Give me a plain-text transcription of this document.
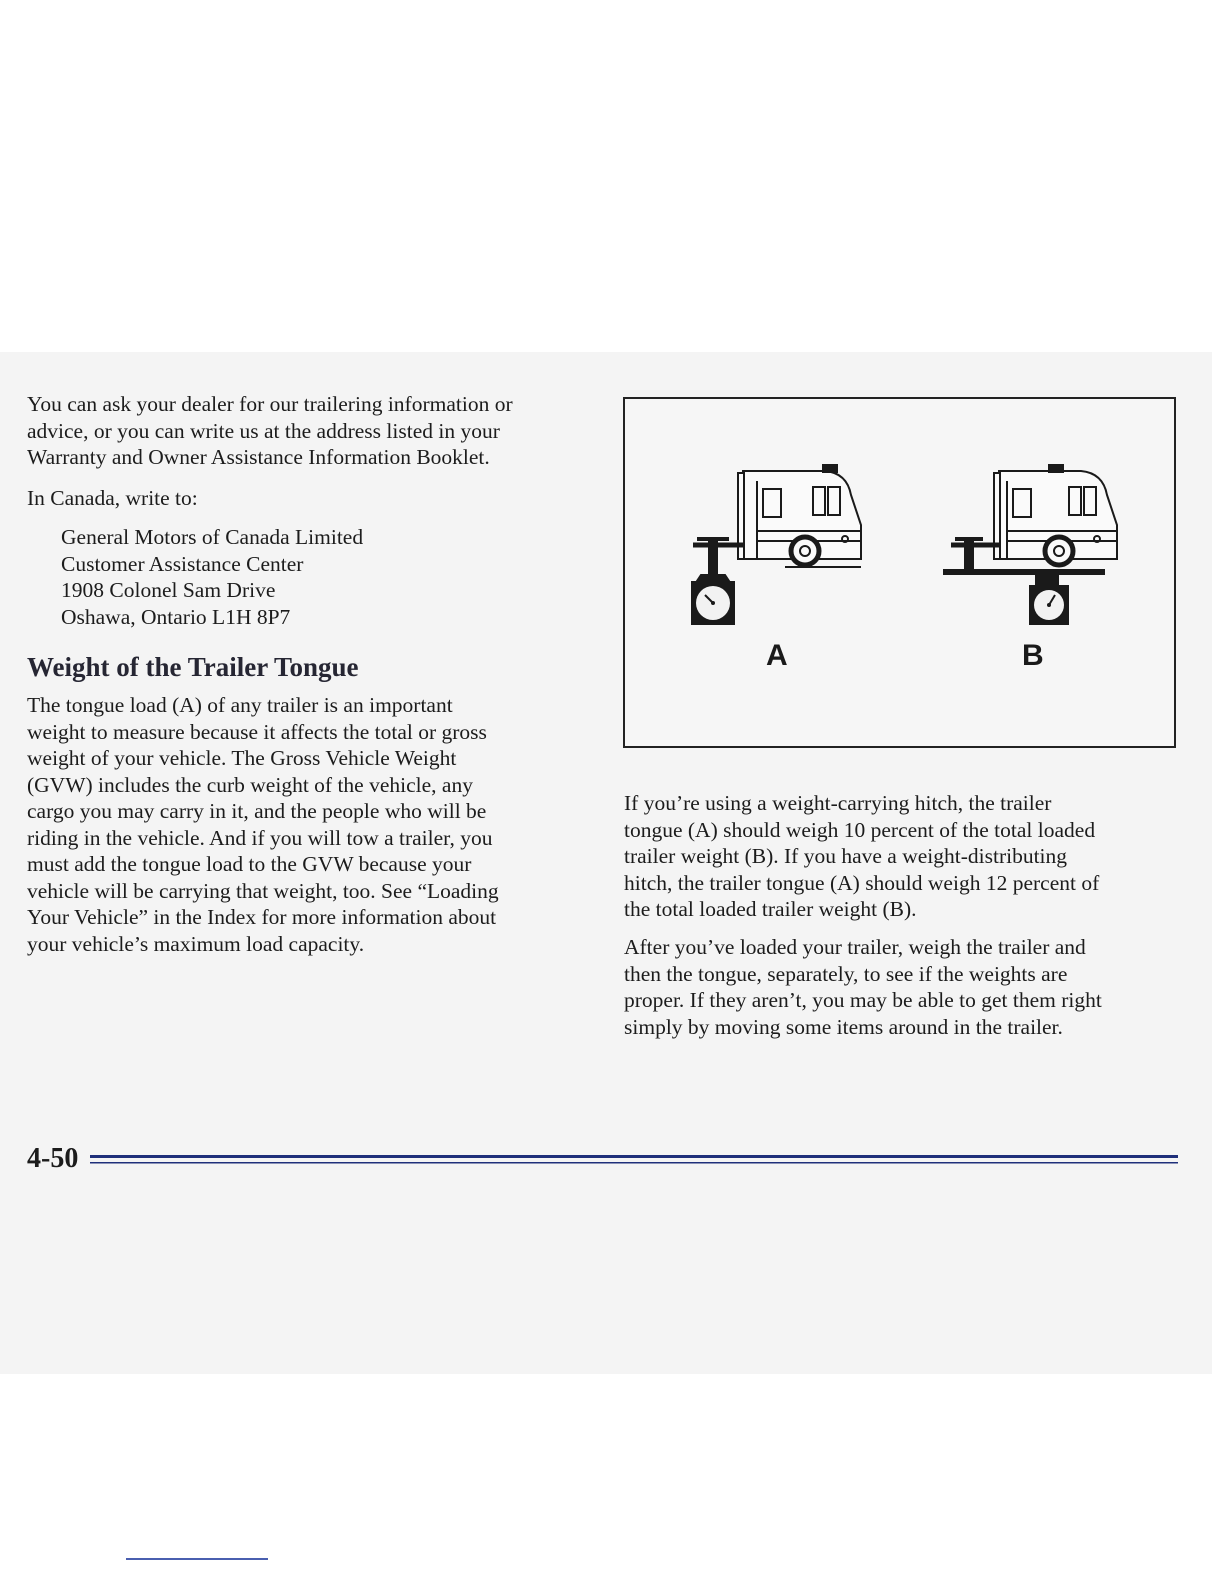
You can ask your dealer for our trailering information or
advice, or you can write us at the address listed in your
Warranty and Owner Assistance Information Booklet.
In Canada, write to:
General Motors of Canada Limited
Customer Assistance Center
1908 Colonel Sam Drive
Oshawa, Ontario L1H 8P7
Weight of the Trailer Tongue
The tongue load (A) of any trailer is an important
weight to measure because it affects the total or gross
weight of your vehicle. The Gross Vehicle Weight
(GVW) includes the curb weight of the vehicle, any
cargo you may carry in it, and the people who will be
riding in the vehicle. And if you will tow a trailer, you
must add the tongue load to the GVW because your
vehicle will be carrying that weight, too. See “Loading
Your Vehicle” in the Index for more information about
your vehicle’s maximum load capacity.
A	B
If you’re using a weight-carrying hitch, the trailer
tongue (A) should weigh 10 percent of the total loaded
trailer weight (B). If you have a weight-distributing
hitch, the trailer tongue (A) should weigh 12 percent of
the total loaded trailer weight (B).
After you’ve loaded your trailer, weigh the trailer and
then the tongue, separately, to see if the weights are
proper. If they aren’t, you may be able to get them right
simply by moving some items around in the trailer.
4-50
